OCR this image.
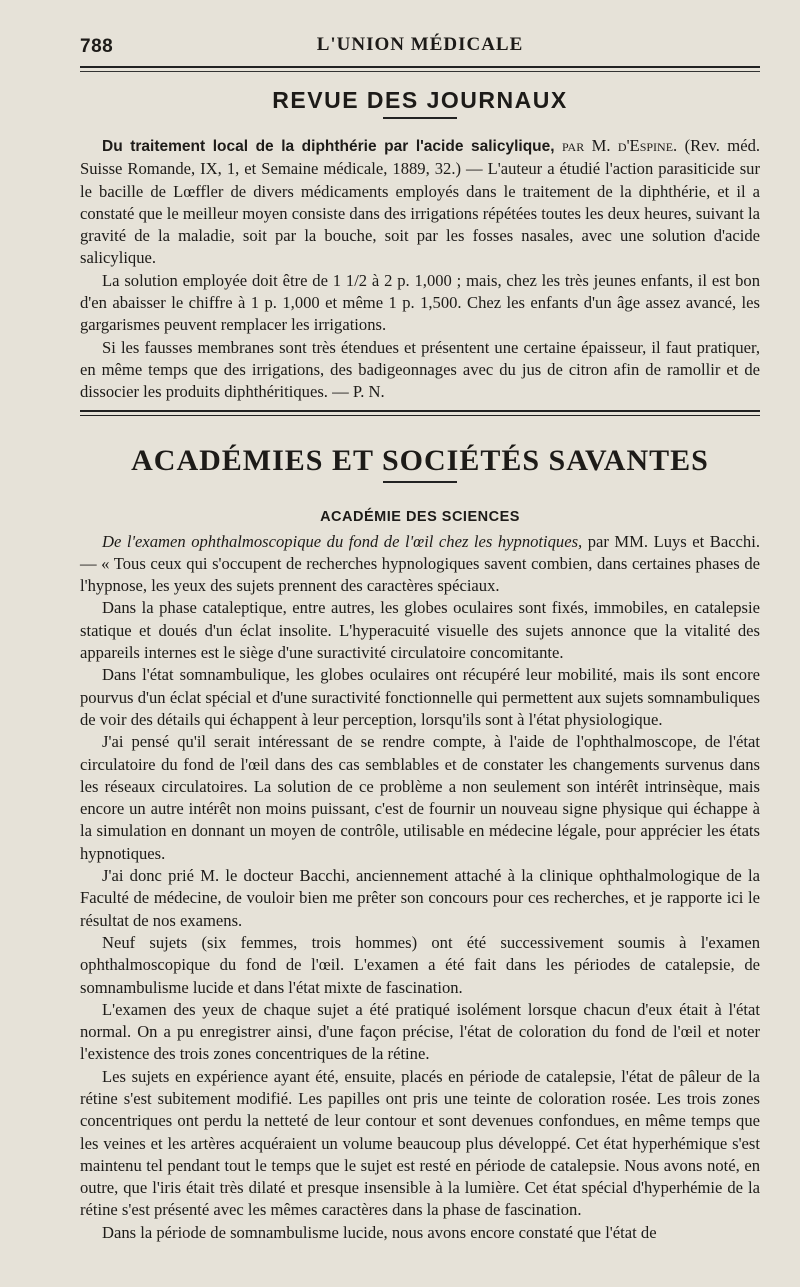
788	L'UNION MÉDICALE
REVUE DES JOURNAUX

Du traitement local de la diphthérie par l'acide salicylique, par M. d'Espine. (Rev. méd. Suisse Romande, IX, 1, et Semaine médicale, 1889, 32.) — L'auteur a étudié l'action parasiticide sur le bacille de Lœffler de divers médicaments employés dans le traitement de la diphthérie, et il a constaté que le meilleur moyen consiste dans des irrigations répétées toutes les deux heures, suivant la gravité de la maladie, soit par la bouche, soit par les fosses nasales, avec une solution d'acide salicylique.

La solution employée doit être de 1 1/2 à 2 p. 1,000 ; mais, chez les très jeunes enfants, il est bon d'en abaisser le chiffre à 1 p. 1,000 et même 1 p. 1,500. Chez les enfants d'un âge assez avancé, les gargarismes peuvent remplacer les irrigations.

Si les fausses membranes sont très étendues et présentent une certaine épaisseur, il faut pratiquer, en même temps que des irrigations, des badigeonnages avec du jus de citron afin de ramollir et de dissocier les produits diphthéritiques. — P. N.

ACADÉMIES ET SOCIÉTÉS SAVANTES
ACADÉMIE DES SCIENCES

De l'examen ophthalmoscopique du fond de l'œil chez les hypnotiques, par MM. Luys et Bacchi. — « Tous ceux qui s'occupent de recherches hypnologiques savent combien, dans certaines phases de l'hypnose, les yeux des sujets prennent des caractères spéciaux.

Dans la phase cataleptique, entre autres, les globes oculaires sont fixés, immobiles, en catalepsie statique et doués d'un éclat insolite. L'hyperacuité visuelle des sujets annonce que la vitalité des appareils internes est le siège d'une suractivité circulatoire concomitante.

Dans l'état somnambulique, les globes oculaires ont récupéré leur mobilité, mais ils sont encore pourvus d'un éclat spécial et d'une suractivité fonctionnelle qui permettent aux sujets somnambuliques de voir des détails qui échappent à leur perception, lorsqu'ils sont à l'état physiologique.

J'ai pensé qu'il serait intéressant de se rendre compte, à l'aide de l'ophthalmoscope, de l'état circulatoire du fond de l'œil dans des cas semblables et de constater les changements survenus dans les réseaux circulatoires. La solution de ce problème a non seulement son intérêt intrinsèque, mais encore un autre intérêt non moins puissant, c'est de fournir un nouveau signe physique qui échappe à la simulation en donnant un moyen de contrôle, utilisable en médecine légale, pour apprécier les états hypnotiques.

J'ai donc prié M. le docteur Bacchi, anciennement attaché à la clinique ophthalmologique de la Faculté de médecine, de vouloir bien me prêter son concours pour ces recherches, et je rapporte ici le résultat de nos examens.

Neuf sujets (six femmes, trois hommes) ont été successivement soumis à l'examen ophthalmoscopique du fond de l'œil. L'examen a été fait dans les périodes de catalepsie, de somnambulisme lucide et dans l'état mixte de fascination.

L'examen des yeux de chaque sujet a été pratiqué isolément lorsque chacun d'eux était à l'état normal. On a pu enregistrer ainsi, d'une façon précise, l'état de coloration du fond de l'œil et noter l'existence des trois zones concentriques de la rétine.

Les sujets en expérience ayant été, ensuite, placés en période de catalepsie, l'état de pâleur de la rétine s'est subitement modifié. Les papilles ont pris une teinte de coloration rosée. Les trois zones concentriques ont perdu la netteté de leur contour et sont devenues confondues, en même temps que les veines et les artères acquéraient un volume beaucoup plus développé. Cet état hyperhémique s'est maintenu tel pendant tout le temps que le sujet est resté en période de catalepsie. Nous avons noté, en outre, que l'iris était très dilaté et presque insensible à la lumière. Cet état spécial d'hyperhémie de la rétine s'est présenté avec les mêmes caractères dans la phase de fascination.

Dans la période de somnambulisme lucide, nous avons encore constaté que l'état de
